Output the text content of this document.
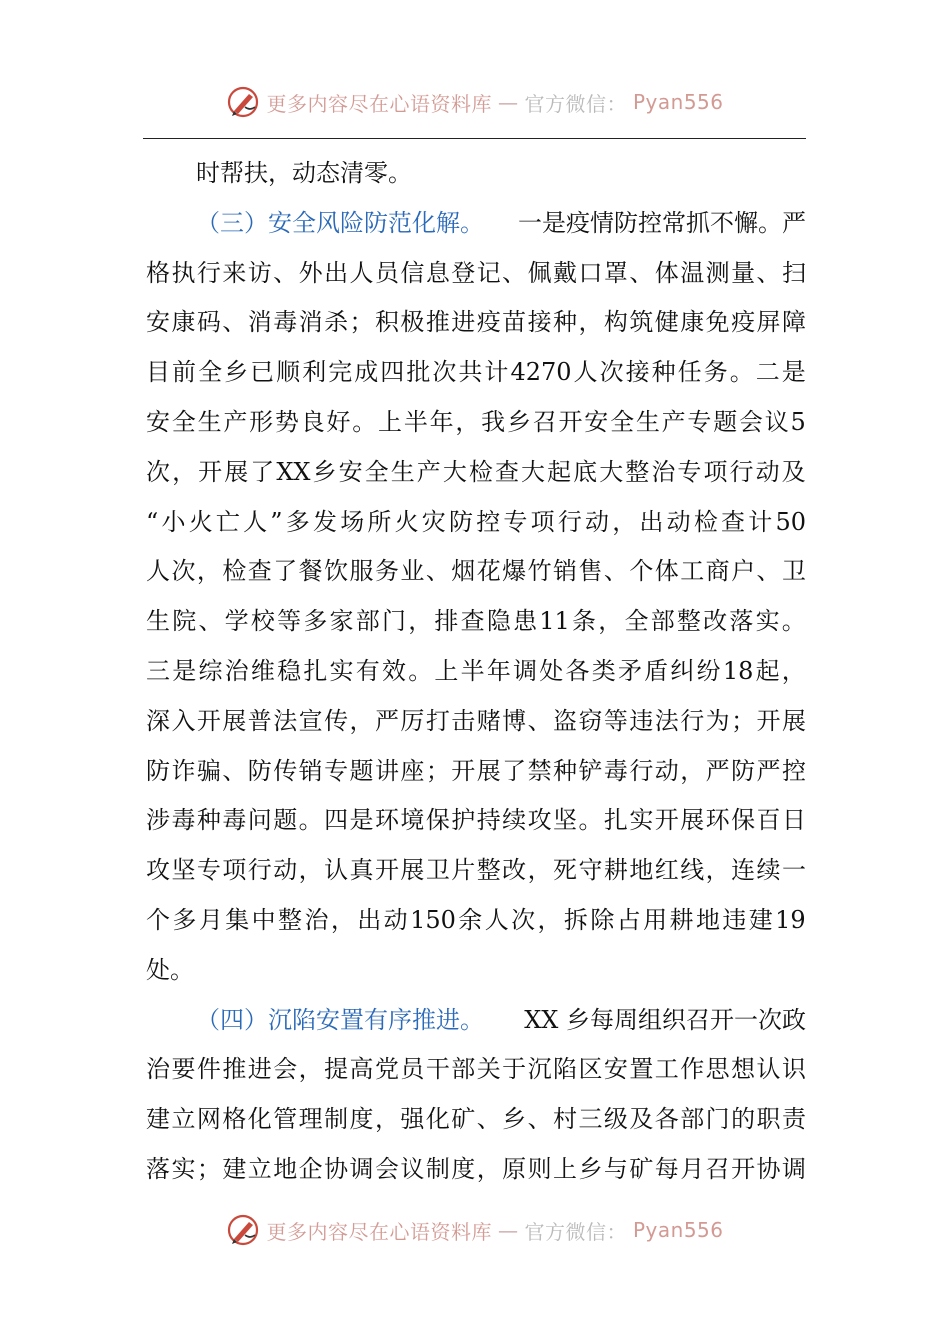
更多内容尽在心语资料库 — 官方微信： Pyan556
时帮扶，动态清零。
（三）安全风险防范化解。 一是疫情防控常抓不懈。严
格 执 行 来 访 、 外 出 人 员 信 息 登 记 、 佩 戴 口 罩 、 体 温 测 量 、 扫
安 康 码 、 消 毒 消 杀 ； 积 极 推 进 疫 苗 接 种 ， 构 筑 健 康 免 疫 屏 障
目 前 全 乡 已 顺 利 完 成 四 批 次 共 计 4270 人 次 接 种 任 务 。 二 是
安 全 生 产 形 势 良 好 。 上 半 年 ， 我 乡 召 开 安 全 生 产 专 题 会 议 5
次 ， 开 展 了 XX 乡 安 全 生 产 大 检 查 大 起 底 大 整 治 专 项 行 动 及
“ 小 火 亡 人 ” 多 发 场 所 火 灾 防 控 专 项 行 动 ， 出 动 检 查 计 50
人 次 ， 检 查 了 餐 饮 服 务 业 、 烟 花 爆 竹 销 售 、 个 体 工 商 户 、 卫
生 院 、 学 校 等 多 家 部 门 ， 排 查 隐 患 11 条 ， 全 部 整 改 落 实 。
三 是 综 治 维 稳 扎 实 有 效 。 上 半 年 调 处 各 类 矛 盾 纠 纷 18 起 ，
深 入 开 展 普 法 宣 传 ， 严 厉 打 击 赌 博 、 盗 窃 等 违 法 行 为 ； 开 展
防 诈 骗 、 防 传 销 专 题 讲 座 ； 开 展 了 禁 种 铲 毒 行 动 ， 严 防 严 控
涉 毒 种 毒 问 题 。 四 是 环 境 保 护 持 续 攻 坚 。 扎 实 开 展 环 保 百 日
攻 坚 专 项 行 动 ， 认 真 开 展 卫 片 整 改 ， 死 守 耕 地 红 线 ， 连 续 一
个 多 月 集 中 整 治 ， 出 动 150 余 人 次 ， 拆 除 占 用 耕 地 违 建 19
处。
（四）沉陷安置有序推进。 XX 乡每周组织召开一次政
治 要 件 推 进 会 ， 提 高 党 员 干 部 关 于 沉 陷 区 安 置 工 作 思 想 认 识
建 立 网 格 化 管 理 制 度 ， 强 化 矿 、 乡 、 村 三 级 及 各 部 门 的 职 责
落 实 ； 建 立 地 企 协 调 会 议 制 度 ， 原 则 上 乡 与 矿 每 月 召 开 协 调
更多内容尽在心语资料库 — 官方微信： Pyan556
